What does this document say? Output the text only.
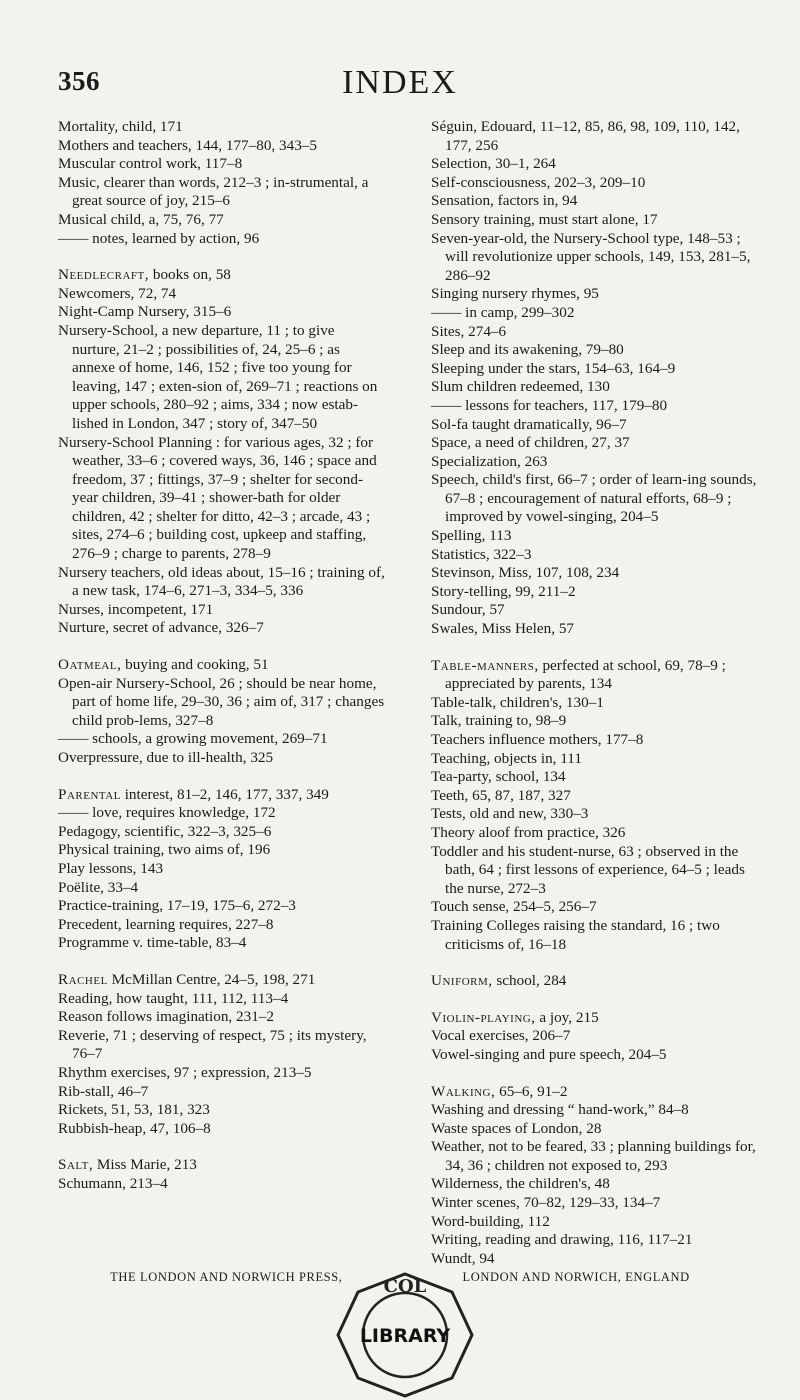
356	INDEX
Mortality, child, 171
Mothers and teachers, 144, 177–80, 343–5
Muscular control work, 117–8
Music, clearer than words, 212–3 ; in-strumental, a great source of joy, 215–6
Musical child, a, 75, 76, 77
—— notes, learned by action, 96
Needlecraft, books on, 58
Newcomers, 72, 74
Night-Camp Nursery, 315–6
Nursery-School, a new departure, 11 ; to give nurture, 21–2 ; possibilities of, 24, 25–6 ; as annexe of home, 146, 152 ; five too young for leaving, 147 ; exten-sion of, 269–71 ; reactions on upper schools, 280–92 ; aims, 334 ; now estab-lished in London, 347 ; story of, 347–50
Nursery-School Planning : for various ages, 32 ; for weather, 33–6 ; covered ways, 36, 146 ; space and freedom, 37 ; fittings, 37–9 ; shelter for second-year children, 39–41 ; shower-bath for older children, 42 ; shelter for ditto, 42–3 ; arcade, 43 ; sites, 274–6 ; building cost, upkeep and staffing, 276–9 ; charge to parents, 278–9
Nursery teachers, old ideas about, 15–16 ; training of, a new task, 174–6, 271–3, 334–5, 336
Nurses, incompetent, 171
Nurture, secret of advance, 326–7
Oatmeal, buying and cooking, 51
Open-air Nursery-School, 26 ; should be near home, part of home life, 29–30, 36 ; aim of, 317 ; changes child prob-lems, 327–8
—— schools, a growing movement, 269–71
Overpressure, due to ill-health, 325
Parental interest, 81–2, 146, 177, 337, 349
—— love, requires knowledge, 172
Pedagogy, scientific, 322–3, 325–6
Physical training, two aims of, 196
Play lessons, 143
Poëlite, 33–4
Practice-training, 17–19, 175–6, 272–3
Precedent, learning requires, 227–8
Programme v. time-table, 83–4
Rachel McMillan Centre, 24–5, 198, 271
Reading, how taught, 111, 112, 113–4
Reason follows imagination, 231–2
Reverie, 71 ; deserving of respect, 75 ; its mystery, 76–7
Rhythm exercises, 97 ; expression, 213–5
Rib-stall, 46–7
Rickets, 51, 53, 181, 323
Rubbish-heap, 47, 106–8
Salt, Miss Marie, 213
Schumann, 213–4
Séguin, Edouard, 11–12, 85, 86, 98, 109, 110, 142, 177, 256
Selection, 30–1, 264
Self-consciousness, 202–3, 209–10
Sensation, factors in, 94
Sensory training, must start alone, 17
Seven-year-old, the Nursery-School type, 148–53 ; will revolutionize upper schools, 149, 153, 281–5, 286–92
Singing nursery rhymes, 95
—— in camp, 299–302
Sites, 274–6
Sleep and its awakening, 79–80
Sleeping under the stars, 154–63, 164–9
Slum children redeemed, 130
—— lessons for teachers, 117, 179–80
Sol-fa taught dramatically, 96–7
Space, a need of children, 27, 37
Specialization, 263
Speech, child's first, 66–7 ; order of learn-ing sounds, 67–8 ; encouragement of natural efforts, 68–9 ; improved by vowel-singing, 204–5
Spelling, 113
Statistics, 322–3
Stevinson, Miss, 107, 108, 234
Story-telling, 99, 211–2
Sundour, 57
Swales, Miss Helen, 57
Table-manners, perfected at school, 69, 78–9 ; appreciated by parents, 134
Table-talk, children's, 130–1
Talk, training to, 98–9
Teachers influence mothers, 177–8
Teaching, objects in, 111
Tea-party, school, 134
Teeth, 65, 87, 187, 327
Tests, old and new, 330–3
Theory aloof from practice, 326
Toddler and his student-nurse, 63 ; observed in the bath, 64 ; first lessons of experience, 64–5 ; leads the nurse, 272–3
Touch sense, 254–5, 256–7
Training Colleges raising the standard, 16 ; two criticisms of, 16–18
Uniform, school, 284
Violin-playing, a joy, 215
Vocal exercises, 206–7
Vowel-singing and pure speech, 204–5
Walking, 65–6, 91–2
Washing and dressing “ hand-work,” 84–8
Waste spaces of London, 28
Weather, not to be feared, 33 ; planning buildings for, 34, 36 ; children not exposed to, 293
Wilderness, the children's, 48
Winter scenes, 70–82, 129–33, 134–7
Word-building, 112
Writing, reading and drawing, 116, 117–21
Wundt, 94
THE LONDON AND NORWICH PRESS,	LONDON AND NORWICH, ENGLAND
COL
LIBRARY
